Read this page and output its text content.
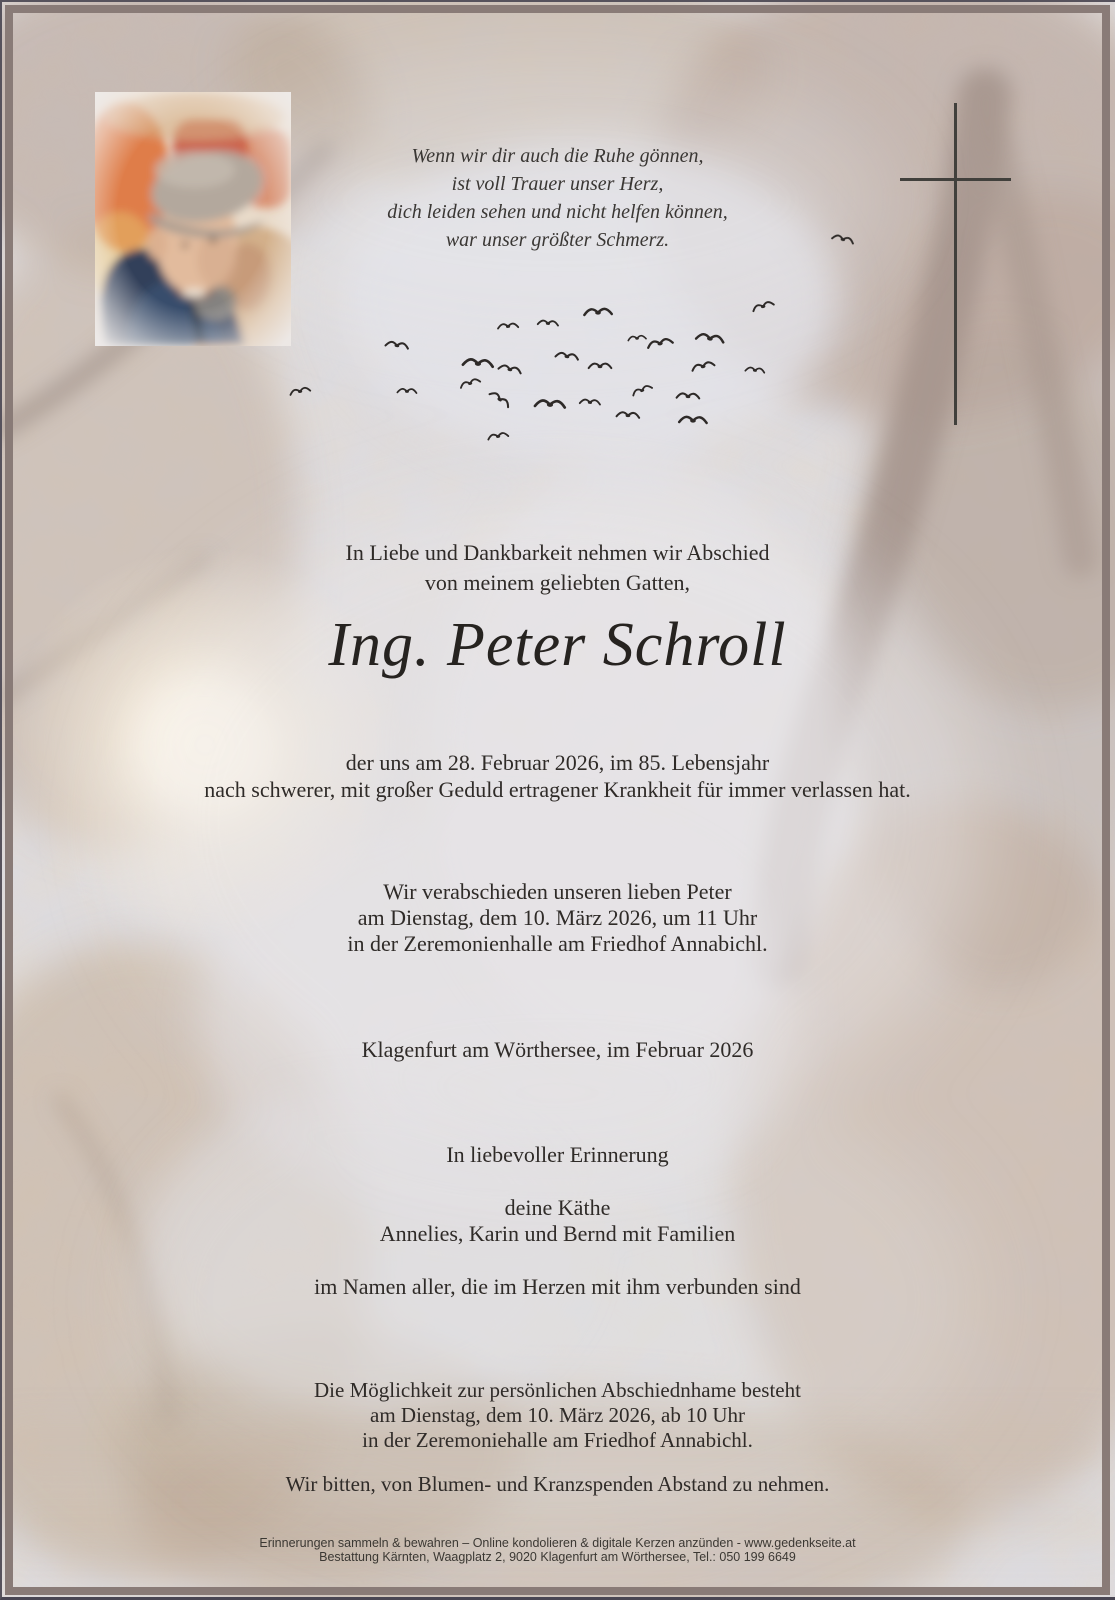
Wenn wir dir auch die Ruhe gönnen,
ist voll Trauer unser Herz,
dich leiden sehen und nicht helfen können,
war unser größter Schmerz.
In Liebe und Dankbarkeit nehmen wir Abschied
von meinem geliebten Gatten,
Ing. Peter Schroll
der uns am 28. Februar 2026, im 85. Lebensjahr
nach schwerer, mit großer Geduld ertragener Krankheit für immer verlassen hat.
Wir verabschieden unseren lieben Peter
am Dienstag, dem 10. März 2026, um 11 Uhr
in der Zeremonienhalle am Friedhof Annabichl.
Klagenfurt am Wörthersee, im Februar 2026
In liebevoller Erinnerung
deine Käthe
Annelies, Karin und Bernd mit Familien
im Namen aller, die im Herzen mit ihm verbunden sind
Die Möglichkeit zur persönlichen Abschiednhame besteht
am Dienstag, dem 10. März 2026, ab 10 Uhr
in der Zeremoniehalle am Friedhof Annabichl.
Wir bitten, von Blumen- und Kranzspenden Abstand zu nehmen.
Erinnerungen sammeln & bewahren – Online kondolieren & digitale Kerzen anzünden - www.gedenkseite.at
Bestattung Kärnten, Waagplatz 2, 9020 Klagenfurt am Wörthersee, Tel.: 050 199 6649
